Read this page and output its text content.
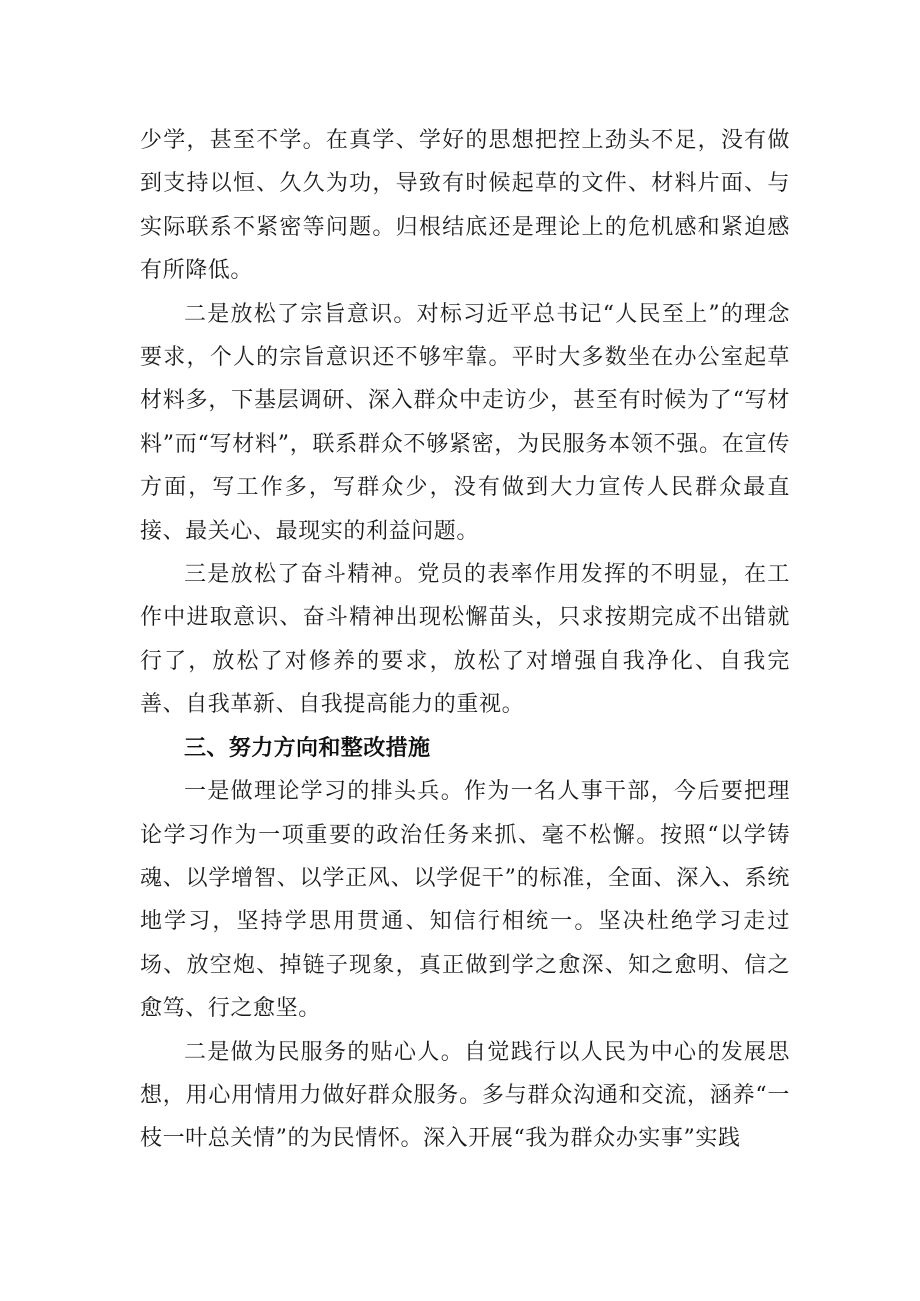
少学，甚至不学。在真学、学好的思想把控上劲头不足，没有做到支持以恒、久久为功，导致有时候起草的文件、材料片面、与实际联系不紧密等问题。归根结底还是理论上的危机感和紧迫感有所降低。

二是放松了宗旨意识。对标习近平总书记“人民至上”的理念要求，个人的宗旨意识还不够牢靠。平时大多数坐在办公室起草材料多，下基层调研、深入群众中走访少，甚至有时候为了“写材料”而“写材料”，联系群众不够紧密，为民服务本领不强。在宣传方面，写工作多，写群众少，没有做到大力宣传人民群众最直接、最关心、最现实的利益问题。

三是放松了奋斗精神。党员的表率作用发挥的不明显，在工作中进取意识、奋斗精神出现松懈苗头，只求按期完成不出错就行了，放松了对修养的要求，放松了对增强自我净化、自我完善、自我革新、自我提高能力的重视。

三、努力方向和整改措施

一是做理论学习的排头兵。作为一名人事干部，今后要把理论学习作为一项重要的政治任务来抓、毫不松懈。按照“以学铸魂、以学增智、以学正风、以学促干”的标准，全面、深入、系统地学习，坚持学思用贯通、知信行相统一。坚决杜绝学习走过场、放空炮、掉链子现象，真正做到学之愈深、知之愈明、信之愈笃、行之愈坚。

二是做为民服务的贴心人。自觉践行以人民为中心的发展思想，用心用情用力做好群众服务。多与群众沟通和交流，涵养“一枝一叶总关情”的为民情怀。深入开展“我为群众办实事”实践
